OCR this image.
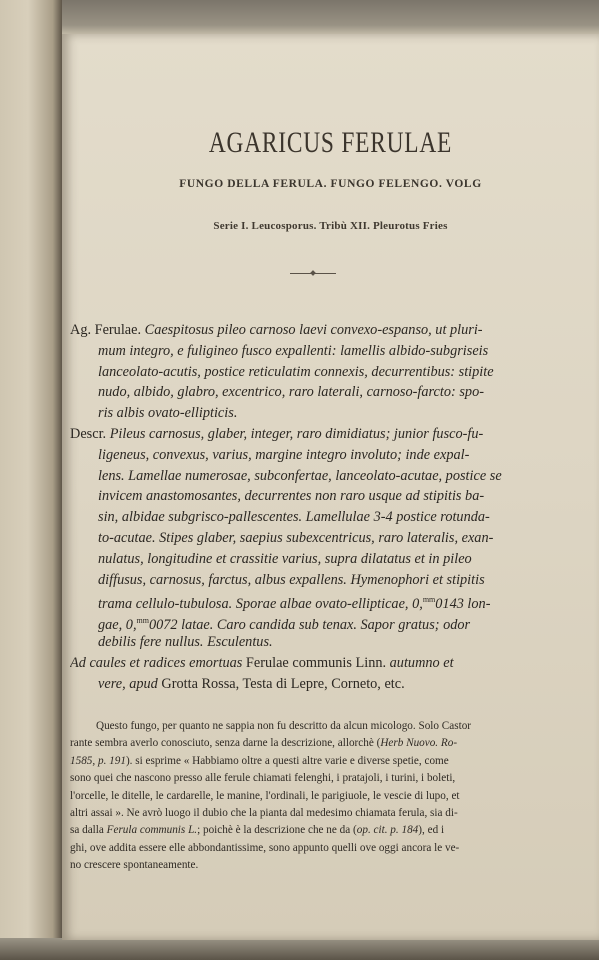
AGARICUS FERULAE
FUNGO DELLA FERULA. FUNGO FELENGO. VOLG
Serie I. Leucosporus. Tribù XII. Pleurotus Fries
Ag. Ferulae. Caespitosus pileo carnoso laevi convexo-espanso, ut pluri-
mum integro, e fuligineo fusco expallenti: lamellis albido-subgriseis
lanceolato-acutis, postice reticulatim connexis, decurrentibus: stipite
nudo, albido, glabro, excentrico, raro laterali, carnoso-farcto: spo-
ris albis ovato-ellipticis.
Descr. Pileus carnosus, glaber, integer, raro dimidiatus; junior fusco-fu-
ligeneus, convexus, varius, margine integro involuto; inde expal-
lens. Lamellae numerosae, subconfertae, lanceolato-acutae, postice se
invicem anastomosantes, decurrentes non raro usque ad stipitis ba-
sin, albidae subgrisco-pallescentes. Lamellulae 3-4 postice rotunda-
to-acutae. Stipes glaber, saepius subexcentricus, raro lateralis, exan-
nulatus, longitudine et crassitie varius, supra dilatatus et in pileo
diffusus, carnosus, farctus, albus expallens. Hymenophori et stipitis
trama cellulo-tubulosa. Sporae albae ovato-ellipticae, 0,$^{mm}$0143 lon-
gae, 0,$^{mm}$0072 latae. Caro candida sub tenax. Sapor gratus; odor
debilis fere nullus. Esculentus.
Ad caules et radices emortuas Ferulae communis Linn. autumno et
vere, apud Grotta Rossa, Testa di Lepre, Corneto, etc.
Questo fungo, per quanto ne sappia non fu descritto da alcun micologo. Solo Castor
rante sembra averlo conosciuto, senza darne la descrizione, allorchè (Herb Nuovo. Ro-
1585, p. 191). si esprime « Habbiamo oltre a questi altre varie e diverse spetie, come
sono quei che nascono presso alle ferule chiamati felenghi, i pratajoli, i turini, i boleti,
l'orcelle, le ditelle, le cardarelle, le manine, l'ordinali, le parigiuole, le vescie di lupo, et
altri assai ». Ne avrò luogo il dubio che la pianta dal medesimo chiamata ferula, sia di-
sa dalla Ferula communis L.; poichè è la descrizione che ne da (op. cit. p. 184), ed i
ghi, ove addita essere elle abbondantissime, sono appunto quelli ove oggi ancora le ve-
no crescere spontaneamente.
